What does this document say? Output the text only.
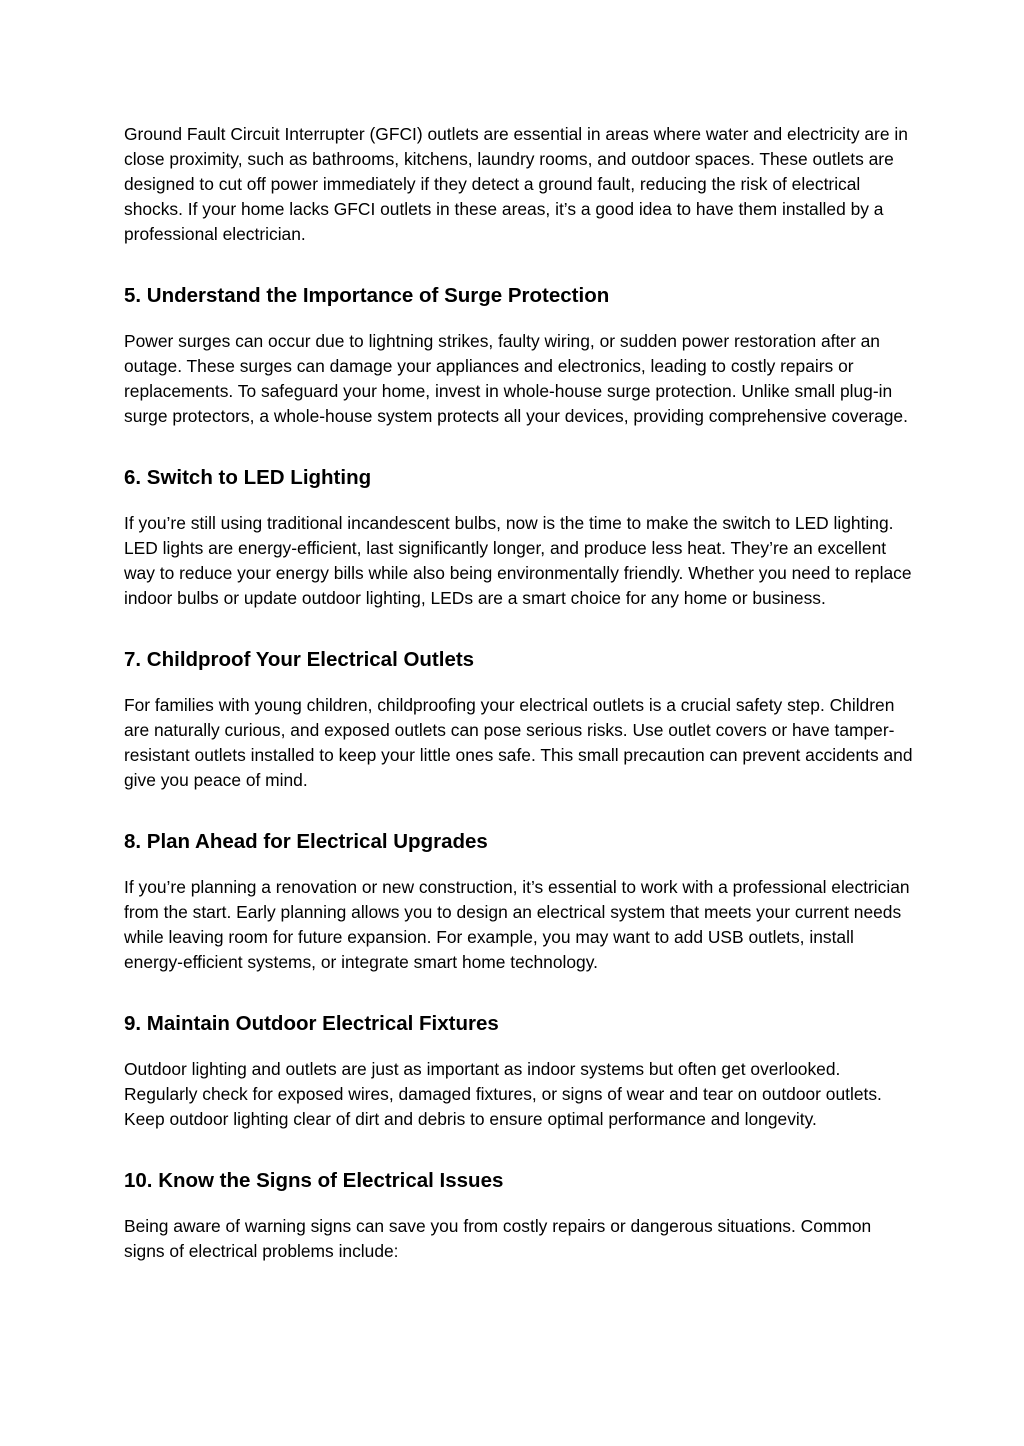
Ground Fault Circuit Interrupter (GFCI) outlets are essential in areas where water and electricity are in close proximity, such as bathrooms, kitchens, laundry rooms, and outdoor spaces. These outlets are designed to cut off power immediately if they detect a ground fault, reducing the risk of electrical shocks. If your home lacks GFCI outlets in these areas, it’s a good idea to have them installed by a professional electrician.

5. Understand the Importance of Surge Protection

Power surges can occur due to lightning strikes, faulty wiring, or sudden power restoration after an outage. These surges can damage your appliances and electronics, leading to costly repairs or replacements. To safeguard your home, invest in whole-house surge protection. Unlike small plug-in surge protectors, a whole-house system protects all your devices, providing comprehensive coverage.

6. Switch to LED Lighting

If you’re still using traditional incandescent bulbs, now is the time to make the switch to LED lighting. LED lights are energy-efficient, last significantly longer, and produce less heat. They’re an excellent way to reduce your energy bills while also being environmentally friendly. Whether you need to replace indoor bulbs or update outdoor lighting, LEDs are a smart choice for any home or business.

7. Childproof Your Electrical Outlets

For families with young children, childproofing your electrical outlets is a crucial safety step. Children are naturally curious, and exposed outlets can pose serious risks. Use outlet covers or have tamper-resistant outlets installed to keep your little ones safe. This small precaution can prevent accidents and give you peace of mind.

8. Plan Ahead for Electrical Upgrades

If you’re planning a renovation or new construction, it’s essential to work with a professional electrician from the start. Early planning allows you to design an electrical system that meets your current needs while leaving room for future expansion. For example, you may want to add USB outlets, install energy-efficient systems, or integrate smart home technology.

9. Maintain Outdoor Electrical Fixtures

Outdoor lighting and outlets are just as important as indoor systems but often get overlooked. Regularly check for exposed wires, damaged fixtures, or signs of wear and tear on outdoor outlets. Keep outdoor lighting clear of dirt and debris to ensure optimal performance and longevity.

10. Know the Signs of Electrical Issues

Being aware of warning signs can save you from costly repairs or dangerous situations. Common signs of electrical problems include:
